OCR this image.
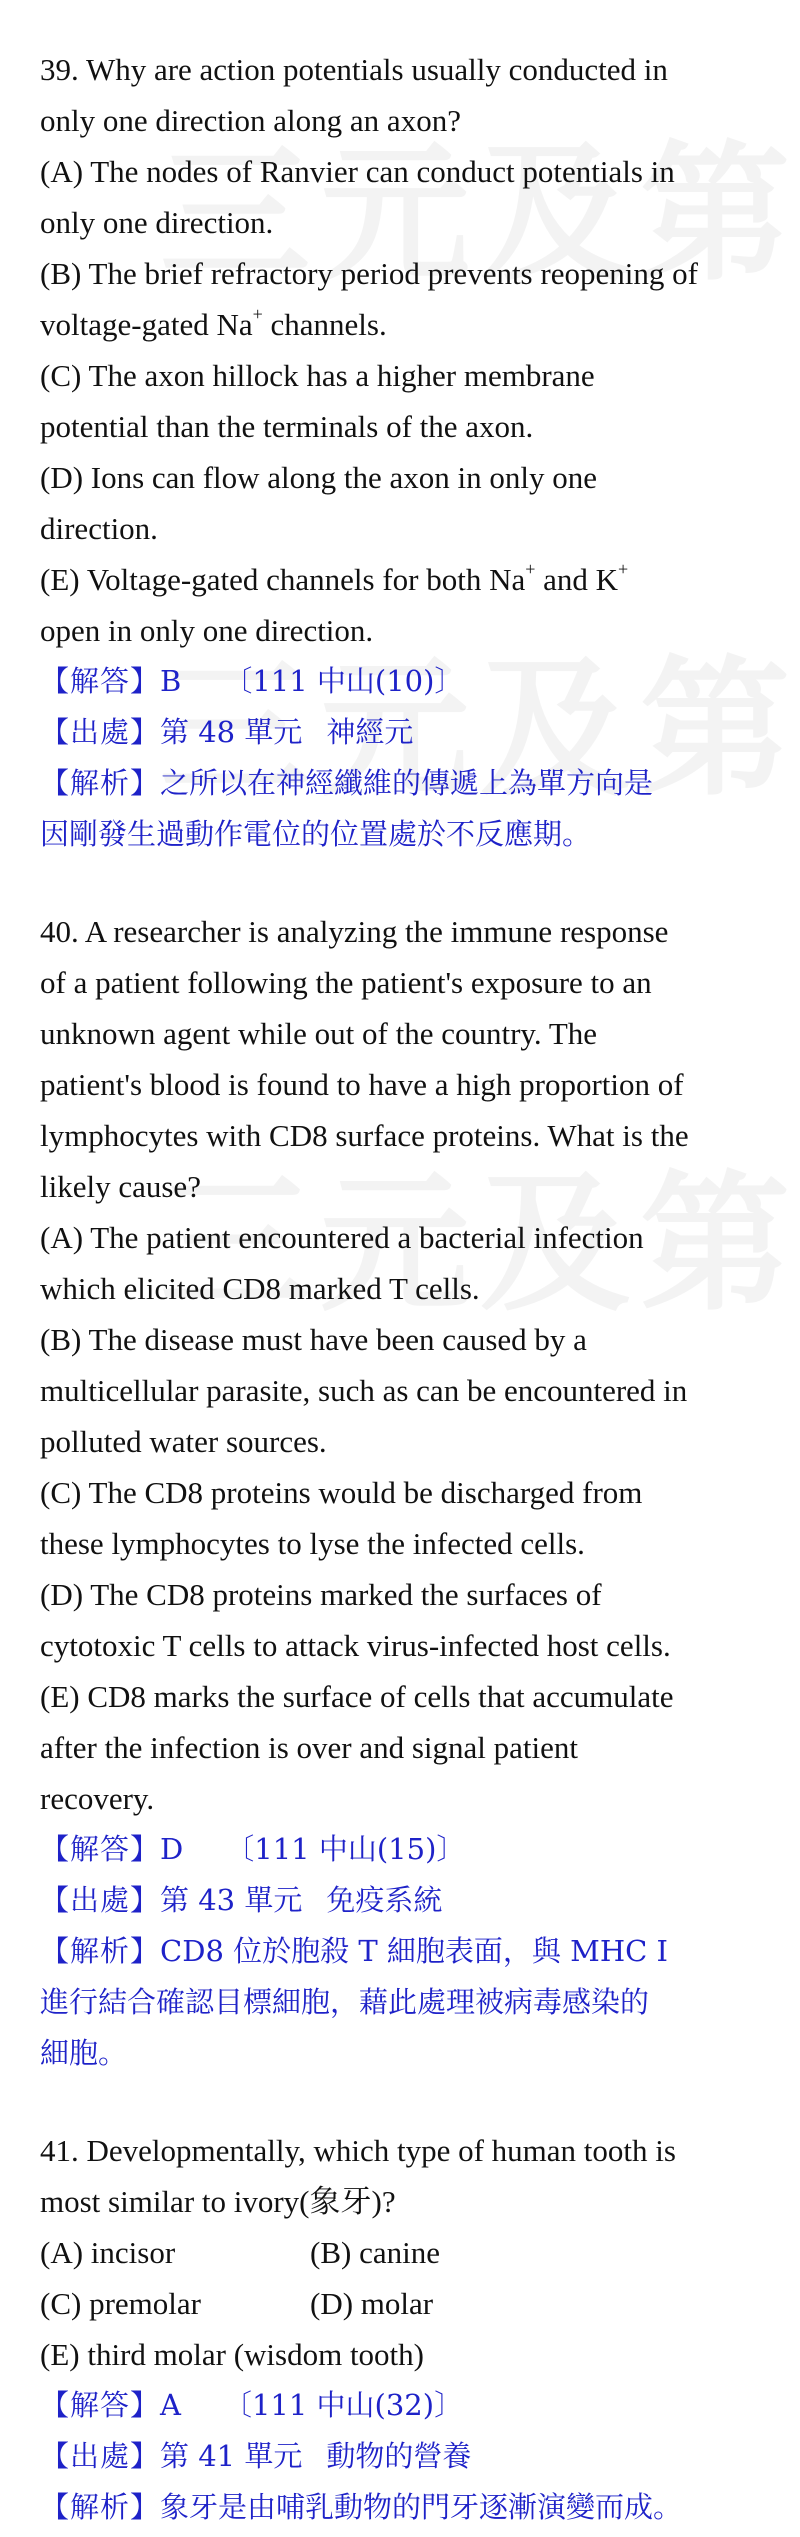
39. Why are action potentials usually conducted in

only one direction along an axon?

(A) The nodes of Ranvier can conduct potentials in

only one direction.

(B) The brief refractory period prevents reopening of

voltage-gated Na+ channels.

(C) The axon hillock has a higher membrane

potential than the terminals of the axon.

(D) Ions can flow along the axon in only one

direction.

(E) Voltage-gated channels for both Na+ and K+

open in only one direction.

【解答】B 〔111 中山(10)〕
【出處】第 48 單元 神經元
【解析】之所以在神經纖維的傳遞上為單方向是
因剛發生過動作電位的位置處於不反應期。

40. A researcher is analyzing the immune response

of a patient following the patient's exposure to an

unknown agent while out of the country. The

patient's blood is found to have a high proportion of

lymphocytes with CD8 surface proteins. What is the

likely cause?

(A) The patient encountered a bacterial infection

which elicited CD8 marked T cells.

(B) The disease must have been caused by a

multicellular parasite, such as can be encountered in

polluted water sources.

(C) The CD8 proteins would be discharged from

these lymphocytes to lyse the infected cells.

(D) The CD8 proteins marked the surfaces of

cytotoxic T cells to attack virus-infected host cells.

(E) CD8 marks the surface of cells that accumulate

after the infection is over and signal patient

recovery.

【解答】D 〔111 中山(15)〕
【出處】第 43 單元 免疫系統
【解析】CD8 位於胞殺 T 細胞表面，與 MHC I
進行結合確認目標細胞，藉此處理被病毒感染的
細胞。

41. Developmentally, which type of human tooth is

most similar to ivory(象牙)?

(A) incisor	(B) canine
(C) premolar	(D) molar

(E) third molar (wisdom tooth)

【解答】A 〔111 中山(32)〕
【出處】第 41 單元 動物的營養
【解析】象牙是由哺乳動物的門牙逐漸演變而成。
